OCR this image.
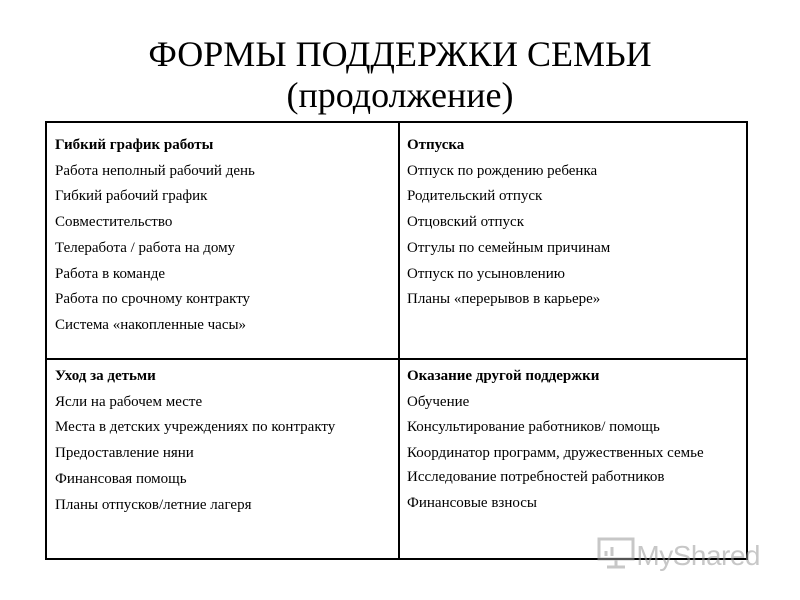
ФОРМЫ ПОДДЕРЖКИ СЕМЬИ
(продолжение)
Гибкий график работы
Работа неполный рабочий день
Гибкий рабочий график
Совместительство
Телеработа / работа на дому
Работа в команде
Работа по срочному контракту
Система «накопленные часы»
Отпуска
Отпуск по рождению ребенка
Родительский отпуск
Отцовский отпуск
Отгулы по семейным причинам
Отпуск по усыновлению
Планы «перерывов в карьере»
Уход за детьми
Ясли на рабочем месте
Места в детских учреждениях по контракту
Предоставление няни
Финансовая помощь
Планы отпусков/летние лагеря
Оказание другой поддержки
Обучение
Консультирование работников/ помощь
Координатор программ, дружественных семье
Исследование потребностей работников
Финансовые взносы
MyShared
